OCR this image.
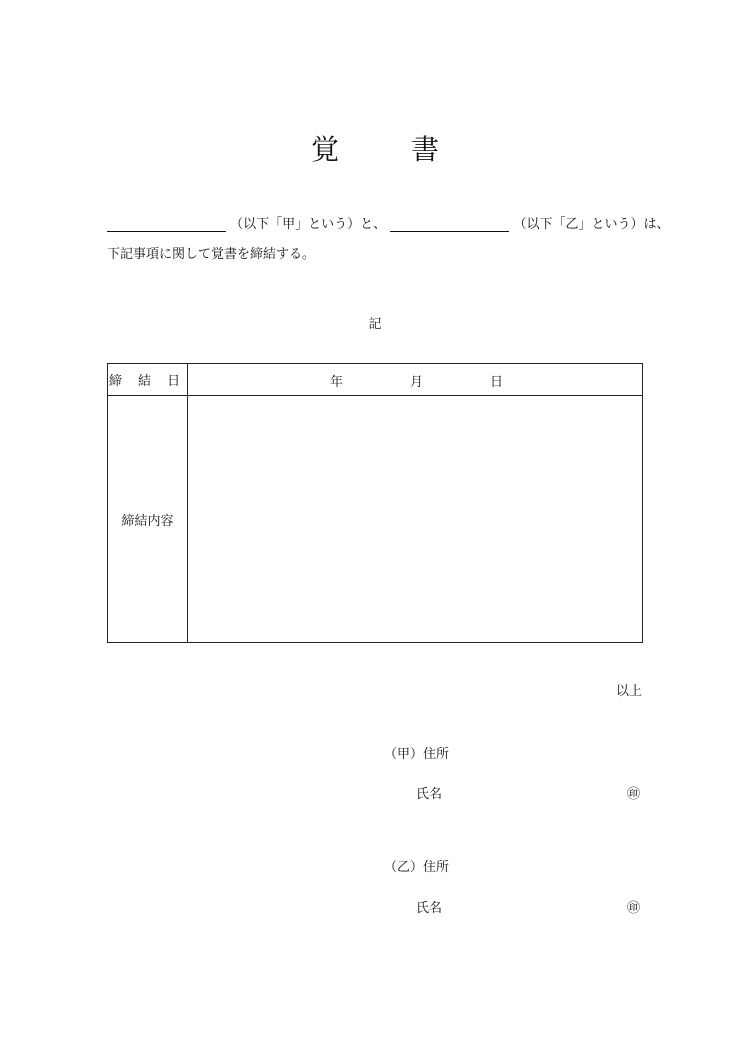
覚　書
（以下「甲」という）と、	（以下「乙」という）は、
下記事項に関して覚書を締結する。
記
締 結 日	年 月 日

締結内容	
以上
（甲）住所
氏名	㊞
（乙）住所
氏名	㊞
